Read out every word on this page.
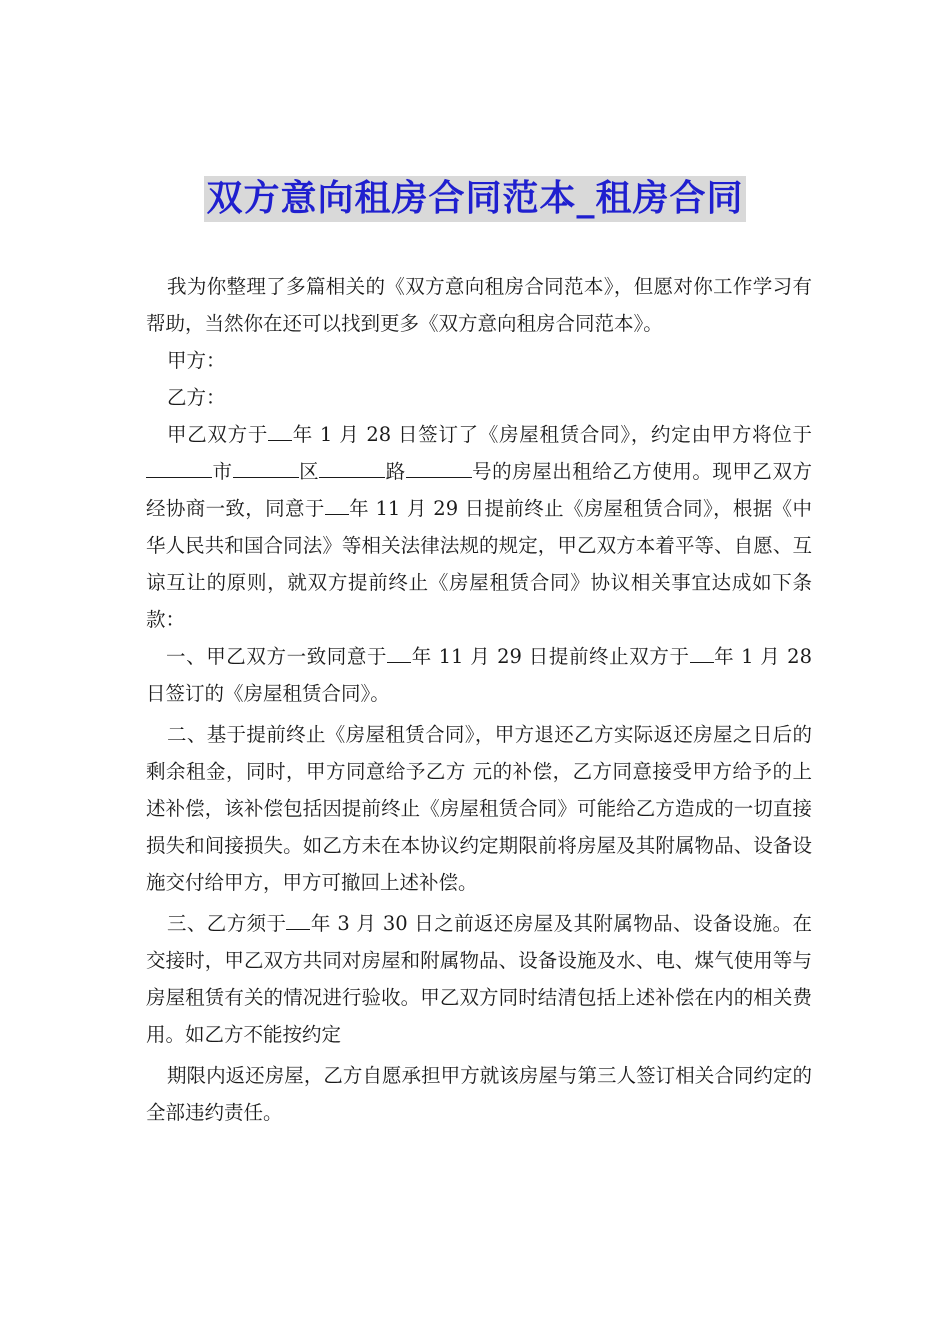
双方意向租房合同范本_租房合同

我为你整理了多篇相关的《双方意向租房合同范本》，但愿对你工作学习有帮助，当然你在还可以找到更多《双方意向租房合同范本》。

甲方：

乙方：

甲乙双方于 年 1 月 28 日签订了《房屋租赁合同》，约定由甲方将位于市	区	路	号的房屋出租给乙方使用。现甲乙双方经协商一致，同意于 年 11 月 29 日提前终止《房屋租赁合同》，根据《中华人民共和国合同法》等相关法律法规的规定，甲乙双方本着平等、自愿、互谅互让的原则，就双方提前终止《房屋租赁合同》协议相关事宜达成如下条款：

一、甲乙双方一致同意于 年 11 月 29 日提前终止双方于 年 1 月 28 日签订的《房屋租赁合同》。

二、基于提前终止《房屋租赁合同》，甲方退还乙方实际返还房屋之日后的剩余租金，同时，甲方同意给予乙方 元的补偿，乙方同意接受甲方给予的上述补偿，该补偿包括因提前终止《房屋租赁合同》可能给乙方造成的一切直接损失和间接损失。如乙方未在本协议约定期限前将房屋及其附属物品、设备设施交付给甲方，甲方可撤回上述补偿。

三、乙方须于 年 3 月 30 日之前返还房屋及其附属物品、设备设施。在交接时，甲乙双方共同对房屋和附属物品、设备设施及水、电、煤气使用等与房屋租赁有关的情况进行验收。甲乙双方同时结清包括上述补偿在内的相关费用。如乙方不能按约定

期限内返还房屋，乙方自愿承担甲方就该房屋与第三人签订相关合同约定的全部违约责任。
